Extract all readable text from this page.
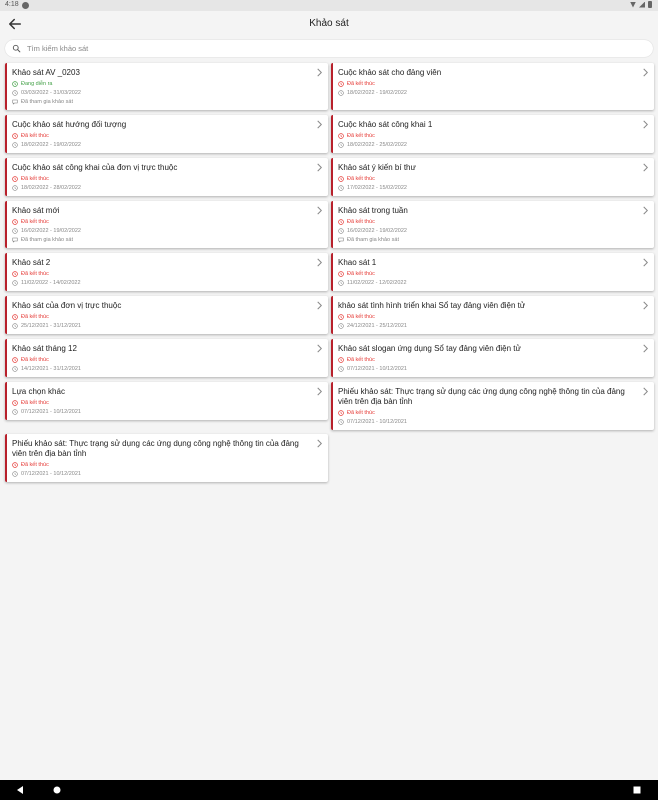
4:18
Khảo sát
Tìm kiếm khảo sát
Khảo sát AV _0203
Đang diễn ra
03/03/2022 - 31/03/2022
Đã tham gia khảo sát
Cuộc khảo sát cho đảng viên
Đã kết thúc
18/02/2022 - 19/02/2022
Cuộc khảo sát hướng đối tượng
Đã kết thúc
18/02/2022 - 19/02/2022
Cuộc khảo sát công khai 1
Đã kết thúc
18/02/2022 - 25/02/2022
Cuộc khảo sát công khai của đơn vị trực thuộc
Đã kết thúc
18/02/2022 - 28/02/2022
Khảo sát ý kiến bí thư
Đã kết thúc
17/02/2022 - 15/02/2022
Khảo sát mới
Đã kết thúc
16/02/2022 - 19/02/2022
Đã tham gia khảo sát
Khảo sát trong tuần
Đã kết thúc
16/02/2022 - 19/02/2022
Đã tham gia khảo sát
Khảo sát 2
Đã kết thúc
11/02/2022 - 14/02/2022
Khao sát 1
Đã kết thúc
11/02/2022 - 12/02/2022
Khảo sát của đơn vị trực thuộc
Đã kết thúc
25/12/2021 - 31/12/2021
khảo sát tình hình triển khai Sổ tay đảng viên điện tử
Đã kết thúc
24/12/2021 - 25/12/2021
Khảo sát tháng 12
Đã kết thúc
14/12/2021 - 31/12/2021
Khảo sát slogan ứng dụng Sổ tay đảng viên điện tử
Đã kết thúc
07/12/2021 - 10/12/2021
Lựa chọn khác
Đã kết thúc
07/12/2021 - 10/12/2021
Phiếu khảo sát: Thực trạng sử dụng các ứng dụng công nghệ thông tin của đảng viên trên địa bàn tỉnh
Đã kết thúc
07/12/2021 - 10/12/2021
Phiếu khảo sát: Thực trạng sử dụng các ứng dụng công nghệ thông tin của đảng viên trên địa bàn tỉnh
Đã kết thúc
07/12/2021 - 10/12/2021
